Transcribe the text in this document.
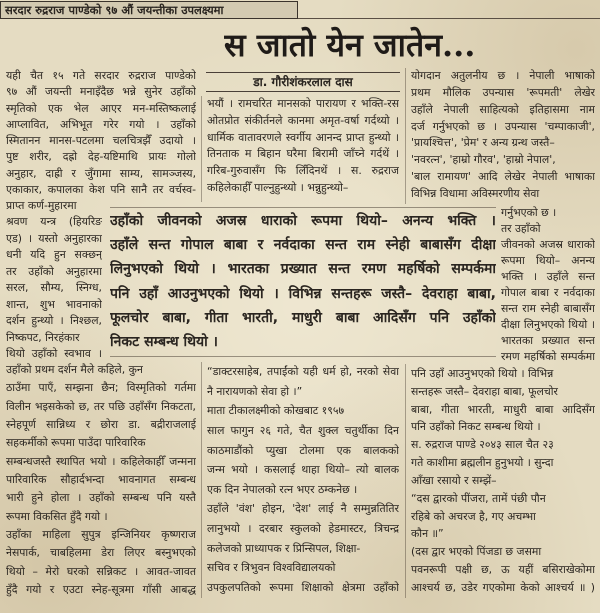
सरदार रुद्रराज पाण्डेको ९७ औं जयन्तीका उपलक्ष्यमा
स जातो येन जातेन...
डा. गौरीशंकरलाल दास
यही चैत १५ गते सरदार रुद्रराज पाण्डेको
९७ औं जयन्ती मनाइँदैछ भन्ने सुनेर उहाँको
स्मृतिको एक भेल आएर मन-मस्तिष्कलाई
आप्लावित, अभिभूत गरेर गयो । उहाँको
स्मितानन मानस-पटलमा चलचित्रझैँ उदायो ।
पुष्ट शरीर, दह्रो देह-यष्टिमाथि प्रायः गोलो
अनुहार, दाह्री र जुँगामा साम्य, सामञ्जस्य,
एकाकार, कपालका केश पनि सानै तर वर्चस्व-
प्राप्त कर्ण-मुहारमा
श्रवण यन्त्र (हियरिङ
एड) । यस्तो अनुहारका
धनी यदि हुन सक्छन्
तर उहाँको अनुहारमा
सरल, सौम्य, स्निग्ध,
शान्त, शुभ भावनाको
दर्शन हुन्थ्यो । निश्छल,
निष्कपट, निरहंकार
थियो उहाँको स्वभाव ।
उहाँको प्रथम दर्शन मैले कहिले, कुन
ठाउँमा पाएँ, सम्झना छैन; विस्मृतिको गर्तमा
विलीन भइसकेको छ, तर पछि उहाँसँग निकटता,
स्नेहपूर्ण सान्निध्य र छोरा डा. बद्रीराजलाई
सहकर्मीको रूपमा पाउँदा पारिवारिक
सम्बन्धजस्तै स्थापित भयो । कहिलेकाहीँ जन्मना
पारिवारिक सौहार्दभन्दा भावनागत सम्बन्ध
भारी हुने होला । उहाँको सम्बन्ध पनि यस्तै
रूपमा विकसित हुँदै गयो ।
उहाँका माहिला सुपुत्र इन्जिनियर कृष्णराज
नेसपार्क, चाबहिलमा डेरा लिएर बस्नुभएको
थियो – मेरो घरको सन्निकट । आवत-जावत
हुँदै गयो र एउटा स्नेह-सूत्रमा गाँसी आबद्ध
भयौं । रामचरित मानसको पारायण र भक्ति-रस
ओतप्रोत संकीर्तनले कानमा अमृत-वर्षा गर्दथ्यो ।
धार्मिक वातावरणले स्वर्गीय आनन्द प्राप्त हुन्थ्यो ।
तिनताक म बिहान घरैमा बिरामी जाँच्ने गर्दथें ।
गरिब-गुरुवासँग फि लिँदिनथें । स. रुद्रराज
कहिलेकाहीँ पाल्नुहुन्थ्यो । भन्नुहुन्थ्यो–
उहाँको जीवनको अजस्र धाराको रूपमा थियो– अनन्य भक्ति ।
उहाँले सन्त गोपाल बाबा र नर्वदाका सन्त राम स्नेही बाबासँग दीक्षा
लिनुभएको थियो । भारतका प्रख्यात सन्त रमण महर्षिको सम्पर्कमा
पनि उहाँ आउनुभएको थियो । विभिन्न सन्तहरू जस्तै– देवराहा बाबा,
फूलचोर बाबा, गीता भारती, माधुरी बाबा आदिसँग पनि उहाँको
निकट सम्बन्ध थियो ।
“डाक्टरसाहेब, तपाईंको यही धर्म हो, नरको सेवा
नै नारायणको सेवा हो ।”
माता टीकालक्ष्मीको कोखबाट १९५७
साल फागुन २६ गते, चैत शुक्ल चतुर्थीका दिन
काठमाडौंको प्युखा टोलमा एक बालकको
जन्म भयो । कसलाई थाहा थियो– त्यो बालक
एक दिन नेपालको रत्न भएर ठम्कनेछ ।
उहाँले 'वंश' होइन, 'देश' लाई नै सम्मुन्नतितिर
लानुभयो । दरबार स्कुलको हेडमास्टर, त्रिचन्द्र
कलेजको प्राध्यापक र प्रिन्सिपल, शिक्षा-
सचिव र त्रिभुवन विश्वविद्यालयको
उपकुलपतिको रूपमा शिक्षाको क्षेत्रमा उहाँको
योगदान अतुलनीय छ । नेपाली भाषाको
प्रथम मौलिक उपन्यास 'रूपमती' लेखेर
उहाँले नेपाली साहित्यको इतिहासमा नाम
दर्ज गर्नुभएको छ । उपन्यास 'चम्पाकाजी',
'प्रायश्चित्त', 'प्रेम' र अन्य ग्रन्थ जस्तै–
'नवरत्न', 'हाम्रो गौरव', 'हाम्रो नेपाल',
'बाल रामायण' आदि लेखेर नेपाली भाषाका
विभिन्न विधामा अविस्मरणीय सेवा
गर्नुभएको छ ।
तर उहाँको
जीवनको अजस्र धाराको
रूपमा थियो– अनन्य
भक्ति । उहाँले सन्त
गोपाल बाबा र नर्वदाका
सन्त राम स्नेही बाबासँग
दीक्षा लिनुभएको थियो ।
भारतका प्रख्यात सन्त
रमण महर्षिको सम्पर्कमा
पनि उहाँ आउनुभएको थियो । विभिन्न
सन्तहरू जस्तै– देवराहा बाबा, फूलचोर
बाबा, गीता भारती, माधुरी बाबा आदिसँग
पनि उहाँको निकट सम्बन्ध थियो ।
स. रुद्रराज पाण्डे २०४३ साल चैत २३
गते काशीमा ब्रह्मलीन हुनुभयो । सुन्दा
आँखा रसायो र सम्झें–
“दस द्वारको पींजरा, तामें पंछी पौन
रहिबे को अचरज है, गए अचम्भा
कौन ॥”
(दस द्वार भएको पिंजडा छ जसमा
पवनरूपी पक्षी छ, ऊ यहीं बसिराखेकोमा
आश्चर्य छ, उडेर गएकोमा केको आश्चर्य ॥ )
